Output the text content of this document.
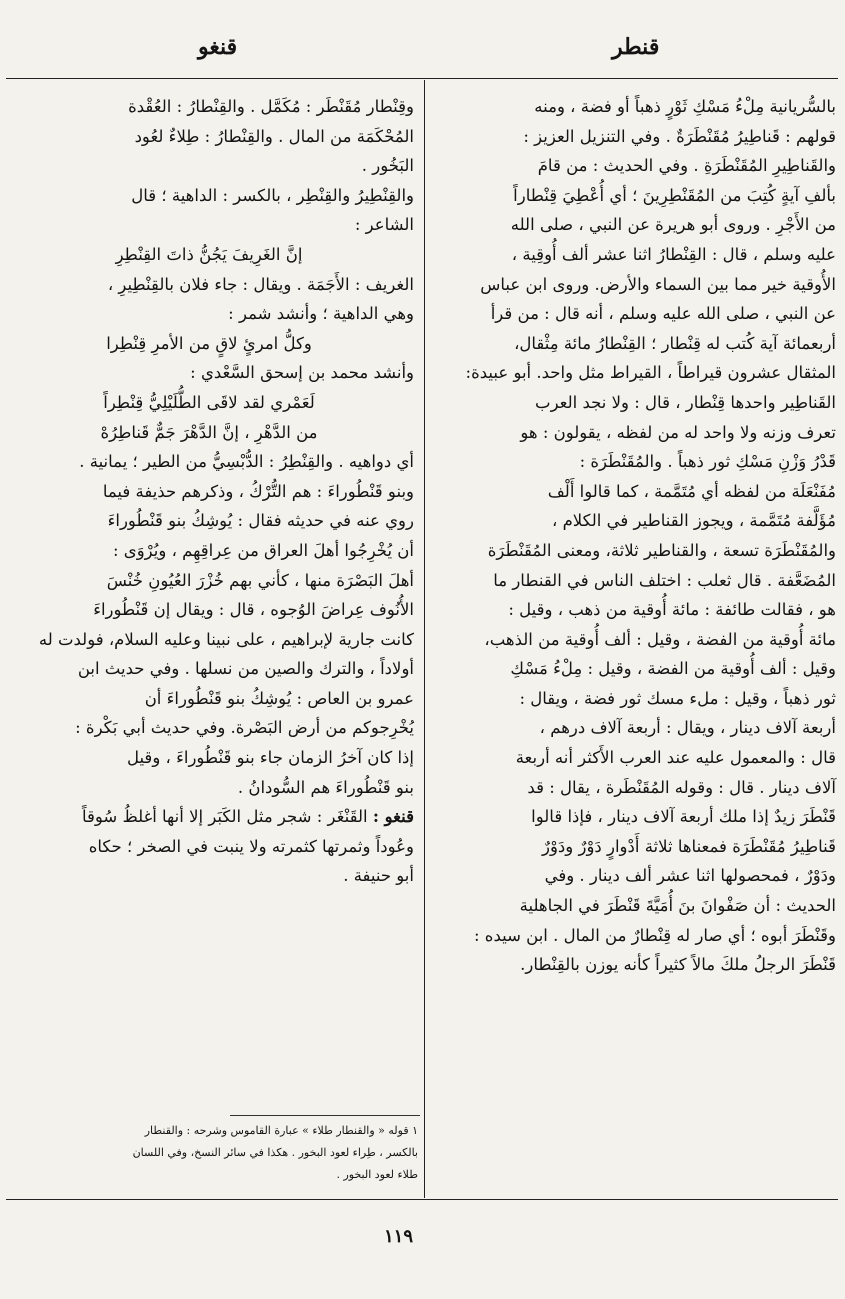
قنطر
قنغو

بالسُّريانية مِلْءُ مَسْكِ ثَوْرٍ ذهباً أو فضة ، ومنه

قولهم : قَناطِيرُ مُقَنْطَرَةٌ . وفي التنزيل العزيز :

والقَناطِيرِ المُقَنْطَرَةِ . وفي الحديث : من قامَ

بألفِ آيةٍ كُتِبَ من المُقَنْطِرِينَ ؛ أي أُعْطِيَ قِنْطاراً

من الأَجْرِ . وروى أبو هريرة عن النبي ، صلى الله

عليه وسلم ، قال : القِنْطارُ اثنا عشر ألف أُوقِية ،

الأُوقية خير مما بين السماء والأرض. وروى ابن عباس

عن النبي ، صلى الله عليه وسلم ، أنه قال : من قرأ

أربعمائة آية كُتب له قِنْطار ؛ القِنْطارُ مائة مِثْقال،

المثقال عشرون قيراطاً ، القيراط مثل واحد. أبو عبيدة:

القَناطِير واحدها قِنْطار ، قال : ولا نجد العرب

تعرف وزنه ولا واحد له من لفظه ، يقولون : هو

قَدْرُ وَزْنِ مَسْكِ ثور ذهباً . والمُقَنْطَرَة :

مُفَنْعَلَة من لفظه أي مُتَمَّمة ، كما قالوا أَلْف

مُؤَلَّفة مُتَمَّمة ، ويجوز القناطير في الكلام ،

والمُقَنْطَرَة تسعة ، والقناطير ثلاثة، ومعنى المُقَنْطَرَة

المُضَعَّفة . قال ثعلب : اختلف الناس في القنطار ما

هو ، فقالت طائفة : مائة أُوقية من ذهب ، وقيل :

مائة أُوقية من الفضة ، وقيل : ألف أُوقية من الذهب،

وقيل : ألف أُوقية من الفضة ، وقيل : مِلْءُ مَسْكِ

ثور ذهباً ، وقيل : ملء مسك ثور فضة ، ويقال :

أربعة آلاف دينار ، ويقال : أربعة آلاف درهم ،

قال : والمعمول عليه عند العرب الأَكثر أنه أربعة

آلاف دينار . قال : وقوله المُقَنْطَرة ، يقال : قد

قَنْطَرَ زيدٌ إذا ملك أربعة آلاف دينار ، فإذا قالوا

قَناطِيرُ مُقَنْطَرَة فمعناها ثلاثة أَدْوارٍ دَوْرٌ ودَوْرٌ

ودَوْرٌ ، فمحصولها اثنا عشر ألف دينار . وفي

الحديث : أن صَفْوانَ بنَ أُمَيَّةَ قَنْطَرَ في الجاهلية

وقَنْطَرَ أبوه ؛ أي صار له قِنْطارٌ من المال . ابن سيده :

قَنْطَرَ الرجلُ ملكَ مالاً كثيراً كأنه يوزن بالقِنْطار.

وقِنْطار مُقَنْطَر : مُكَمَّل . والقِنْطارُ : العُقْدة

المُحْكَمَة من المال . والقِنْطارُ : طِلاءٌ لعُود

البَخُور .

والقِنْطِيرُ والقِنْطِر ، بالكسر : الداهية ؛ قال

الشاعر :

إنَّ الغَرِيفَ يَجُنُّ ذاتَ القِنْطِرِ

الغريف : الأَجَمَة . ويقال : جاء فلان بالقِنْطِيرِ ،

وهي الداهية ؛ وأنشد شمر :

وكلُّ امرئٍ لاقٍ من الأمرِ قِنْطِرا

وأنشد محمد بن إسحق السَّعْدي :

لَعَمْري لقد لاقَى الطُّلَيْلِيُّ قِنْطِراً

من الدَّهْرِ ، إنَّ الدَّهْرَ جَمٌّ قَناطِرُهْ

أي دواهيه . والقِنْطِرُ : الدُّبْسِيُّ من الطير ؛ يمانية .

وبنو قَنْطُوراءَ : هم التُّرْكُ ، وذكرهم حذيفة فيما

روي عنه في حديثه فقال : يُوشِكُ بنو قَنْطُوراءَ

أن يُخْرِجُوا أهلَ العراق من عِراقِهِم ، ويُرْوَى :

أهلَ البَصْرَة منها ، كأني بهم خُزْرَ العُيُونِ خُنْسَ

الأُنُوف عِراضَ الوُجوه ، قال : ويقال إن قَنْطُوراءَ

كانت جارية لإبراهيم ، على نبينا وعليه السلام، فولدت له

أولاداً ، والترك والصين من نسلها . وفي حديث ابن

عمرو بن العاص : يُوشِكُ بنو قَنْطُوراءَ أن

يُخْرِجوكم من أرض البَصْرة. وفي حديث أبي بَكْرة :

إذا كان آخرُ الزمان جاء بنو قَنْطُوراءَ ، وقيل

بنو قَنْطُوراءَ هم السُّودانُ .

قنغو : القَنْغَر : شجر مثل الكَبَر إلا أنها أغلظُ سُوقاً

وعُوداً وثمرتها كثمرته ولا ينبت في الصخر ؛ حكاه

أبو حنيفة .

١ قوله « والقنطار طلاء » عبارة القاموس وشرحه : والقنطار
بالكسر ، طِراء لعود البخور . هكذا في سائر النسخ، وفي اللسان
طلاء لعود البخور .
١١٩
